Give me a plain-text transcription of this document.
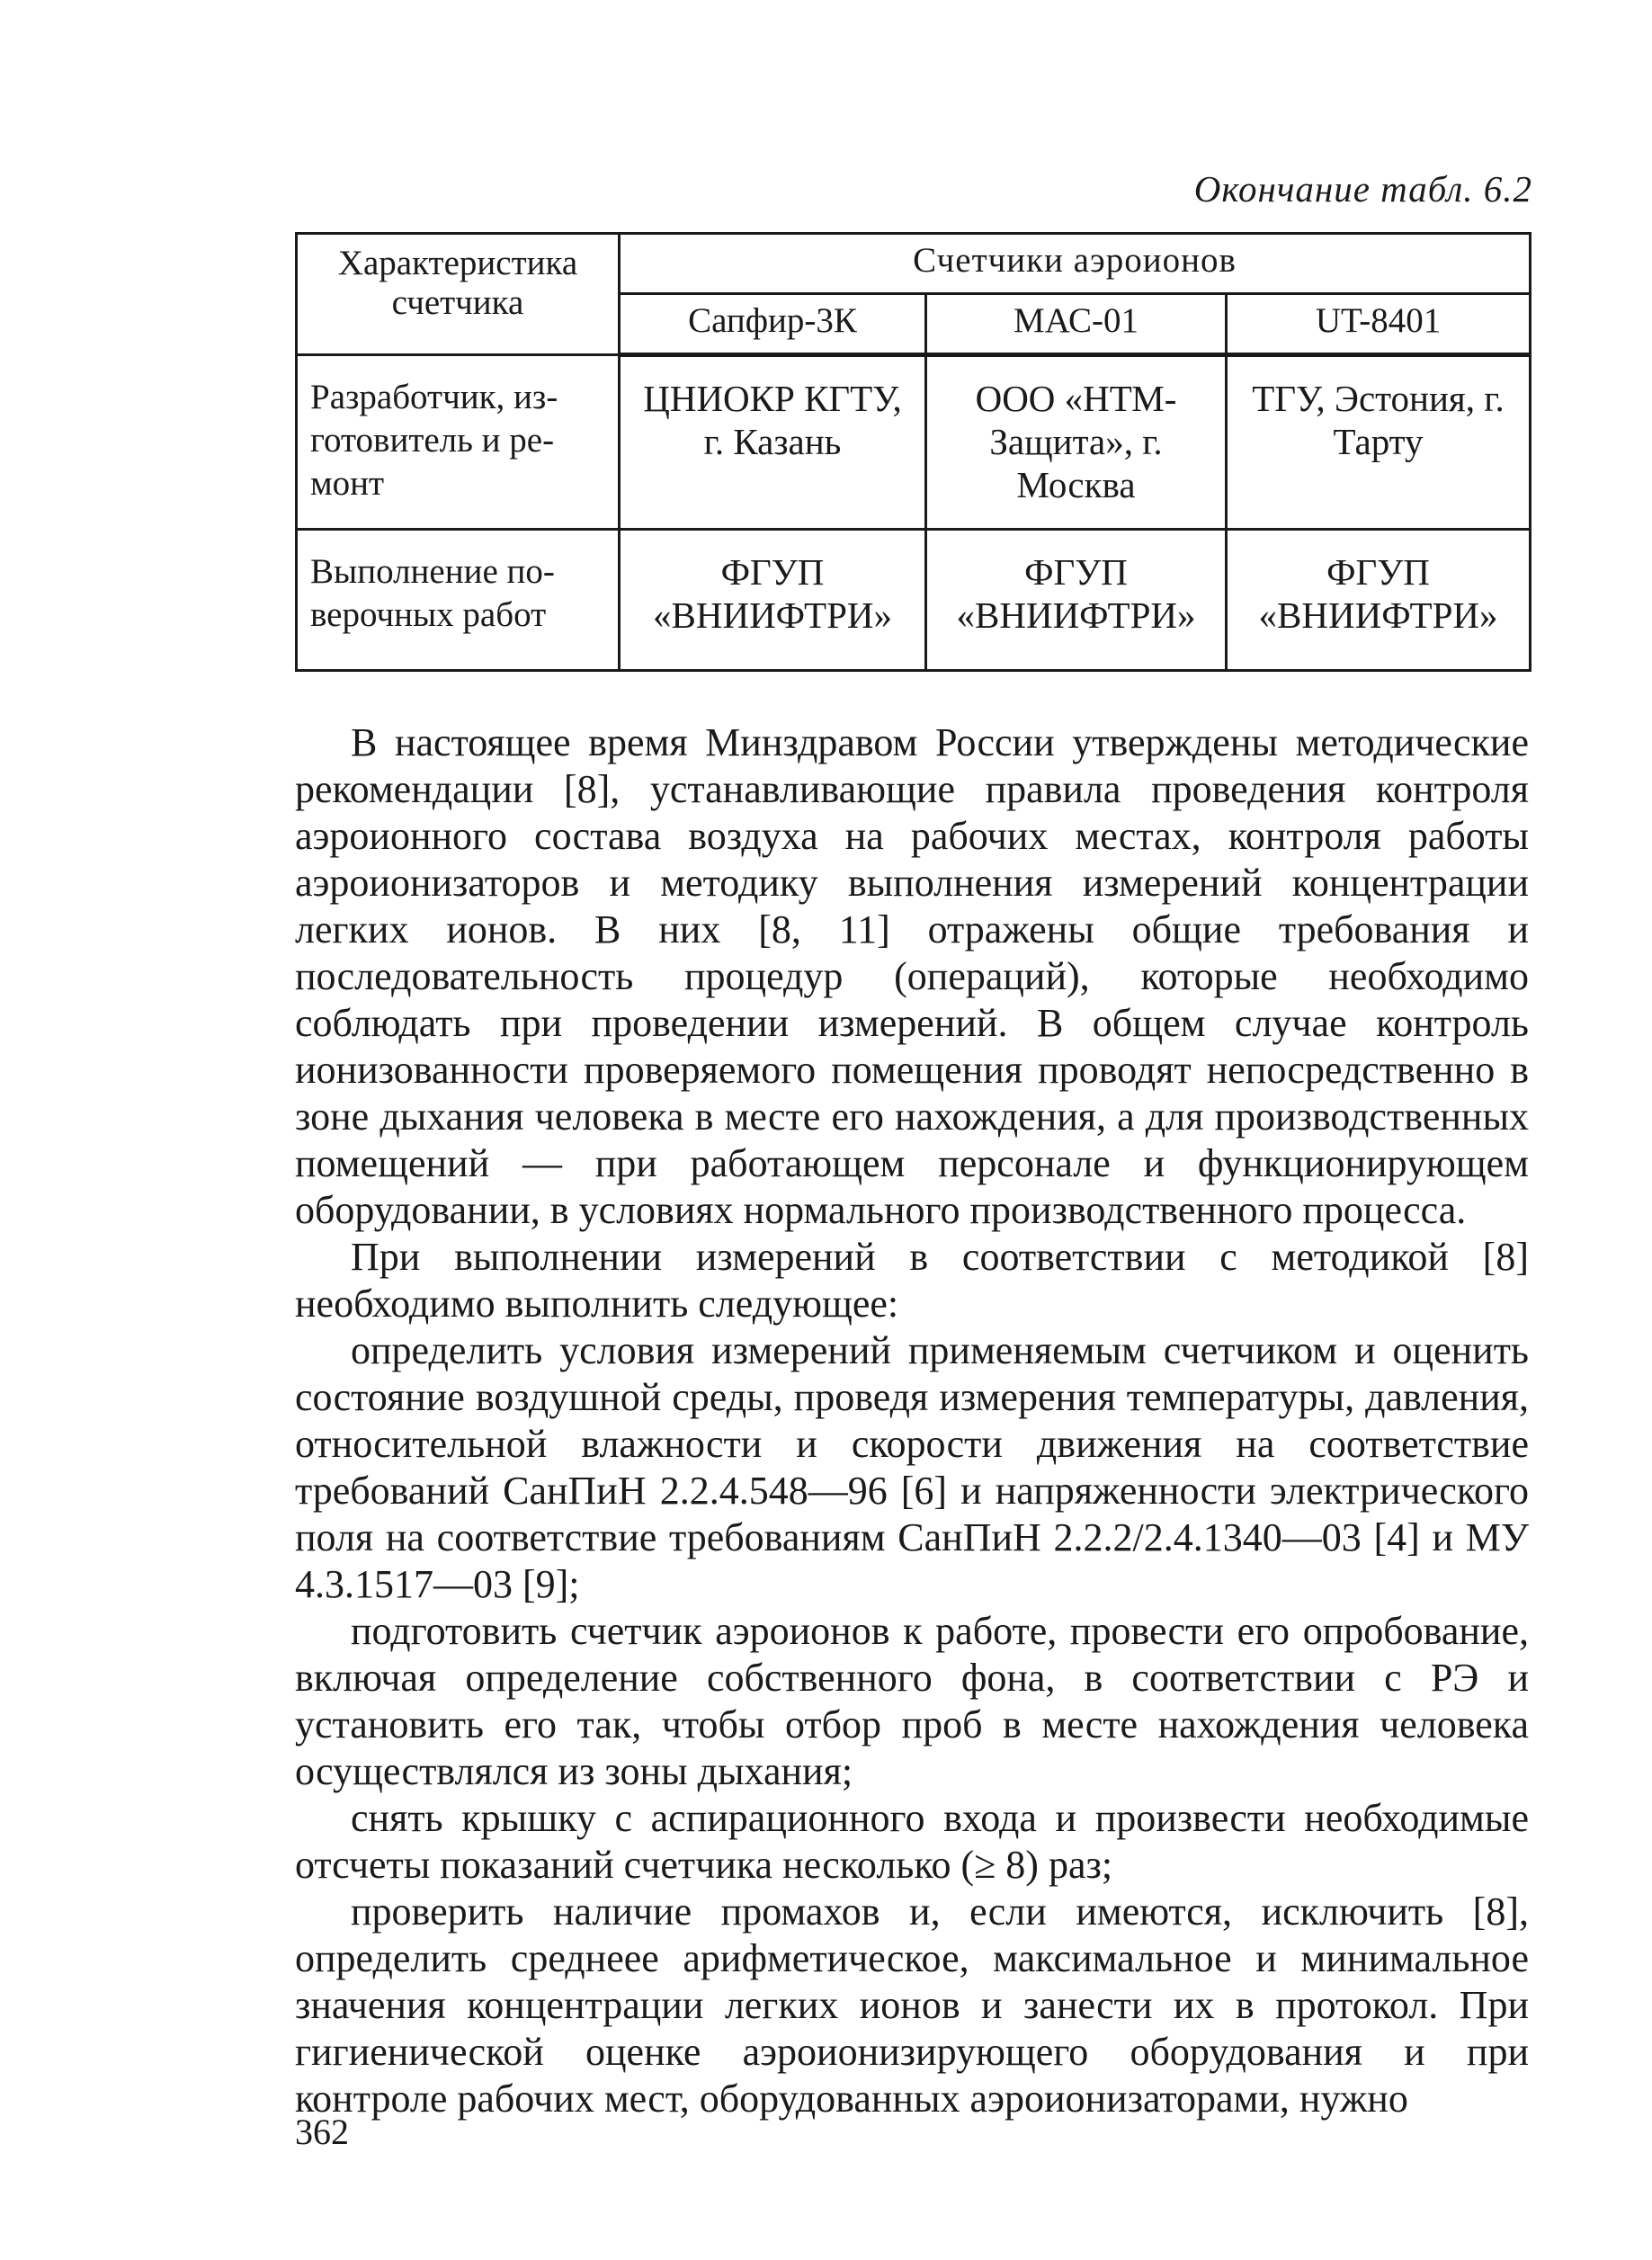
Окончание табл. 6.2
Характеристика счетчика	Счетчики аэроионов		
	Сапфир-3К	МАС-01	UT-8401
Разработчик, из-готовитель и ре-монт	ЦНИОКР КГТУ, г. Казань	ООО «НТМ-Защита», г. Москва	ТГУ, Эстония, г. Тарту
Выполнение по-верочных работ	ФГУП «ВНИИФТРИ»	ФГУП «ВНИИФТРИ»	ФГУП «ВНИИФТРИ»

В настоящее время Минздравом России утверждены методические рекомендации [8], устанавливающие правила проведения контроля аэроионного состава воздуха на рабочих местах, контроля работы аэроионизаторов и методику выполнения измерений концентрации легких ионов. В них [8, 11] отражены общие требования и последовательность процедур (операций), которые необходимо соблюдать при проведении измерений. В общем случае контроль ионизованности проверяемого помещения проводят непосредственно в зоне дыхания человека в месте его нахождения, а для производственных помещений — при работающем персонале и функционирующем оборудовании, в условиях нормального производственного процесса.

При выполнении измерений в соответствии с методикой [8] необходимо выполнить следующее:

определить условия измерений применяемым счетчиком и оценить состояние воздушной среды, проведя измерения температуры, давления, относительной влажности и скорости движения на соответствие требований СанПиН 2.2.4.548—96 [6] и напряженности электрического поля на соответствие требованиям СанПиН 2.2.2/2.4.1340—03 [4] и МУ 4.3.1517—03 [9];

подготовить счетчик аэроионов к работе, провести его опробование, включая определение собственного фона, в соответствии с РЭ и установить его так, чтобы отбор проб в месте нахождения человека осуществлялся из зоны дыхания;

снять крышку с аспирационного входа и произвести необходимые отсчеты показаний счетчика несколько (≥ 8) раз;

проверить наличие промахов и, если имеются, исключить [8], определить среднеее арифметическое, максимальное и минимальное значения концентрации легких ионов и занести их в протокол. При гигиенической оценке аэроионизирующего оборудования и при контроле рабочих мест, оборудованных аэроионизаторами, нужно

362
